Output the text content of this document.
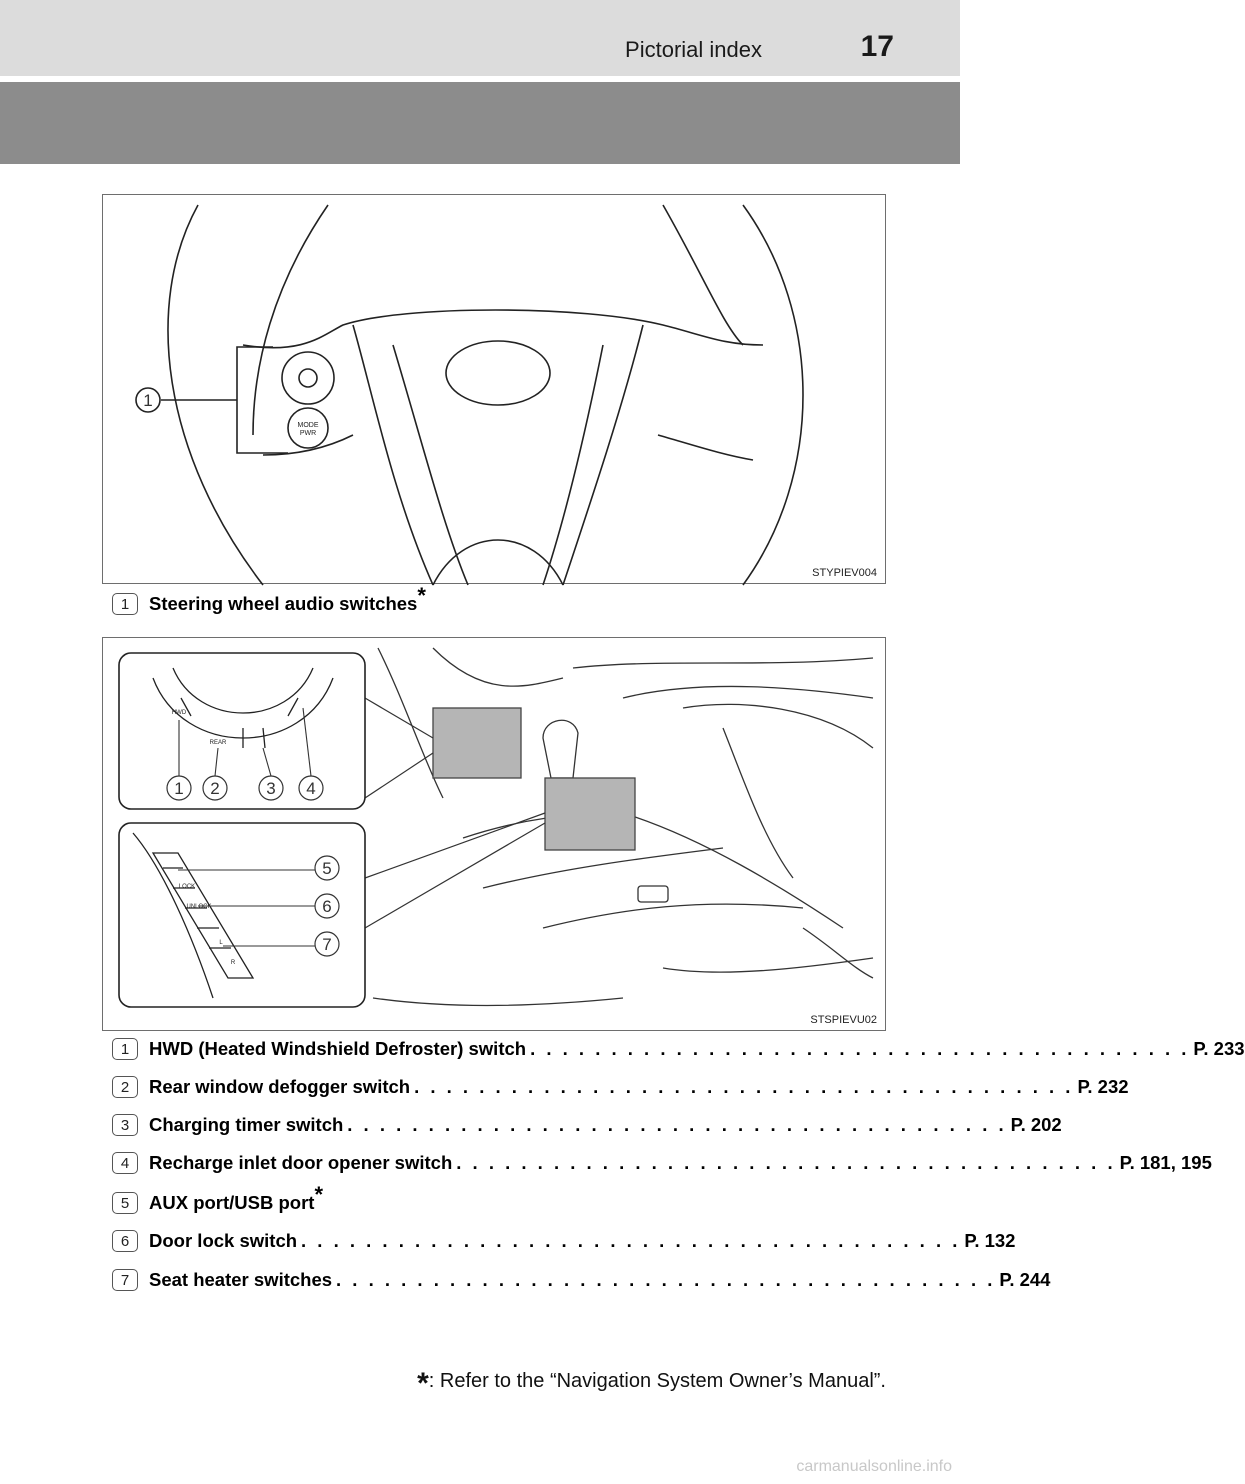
Pictorial index	17
MODE
PWR
1
STYPIEV004
1	Steering wheel audio switches*
HWD
REAR
1 2	3 4
LOCK
UNLOCK
L
R
5
6
7
STSPIEVU02
1	HWD (Heated Windshield Defroster) switch . . . . . . . . . . . . . . . . . . . . . . . . . . . . . . . . . . . . . . . . . P. 233
2	Rear window defogger switch . . . . . . . . . . . . . . . . . . . . . . . . . . . . . . . . . . . . . . . . . P. 232
3	Charging timer switch . . . . . . . . . . . . . . . . . . . . . . . . . . . . . . . . . . . . . . . . . P. 202
4	Recharge inlet door opener switch . . . . . . . . . . . . . . . . . . . . . . . . . . . . . . . . . . . . . . . . . P. 181, 195
5	AUX port/USB port*
6	Door lock switch . . . . . . . . . . . . . . . . . . . . . . . . . . . . . . . . . . . . . . . . . P. 132
7	Seat heater switches . . . . . . . . . . . . . . . . . . . . . . . . . . . . . . . . . . . . . . . . . P. 244
*: Refer to the “Navigation System Owner’s Manual”.
carmanualsonline.info
